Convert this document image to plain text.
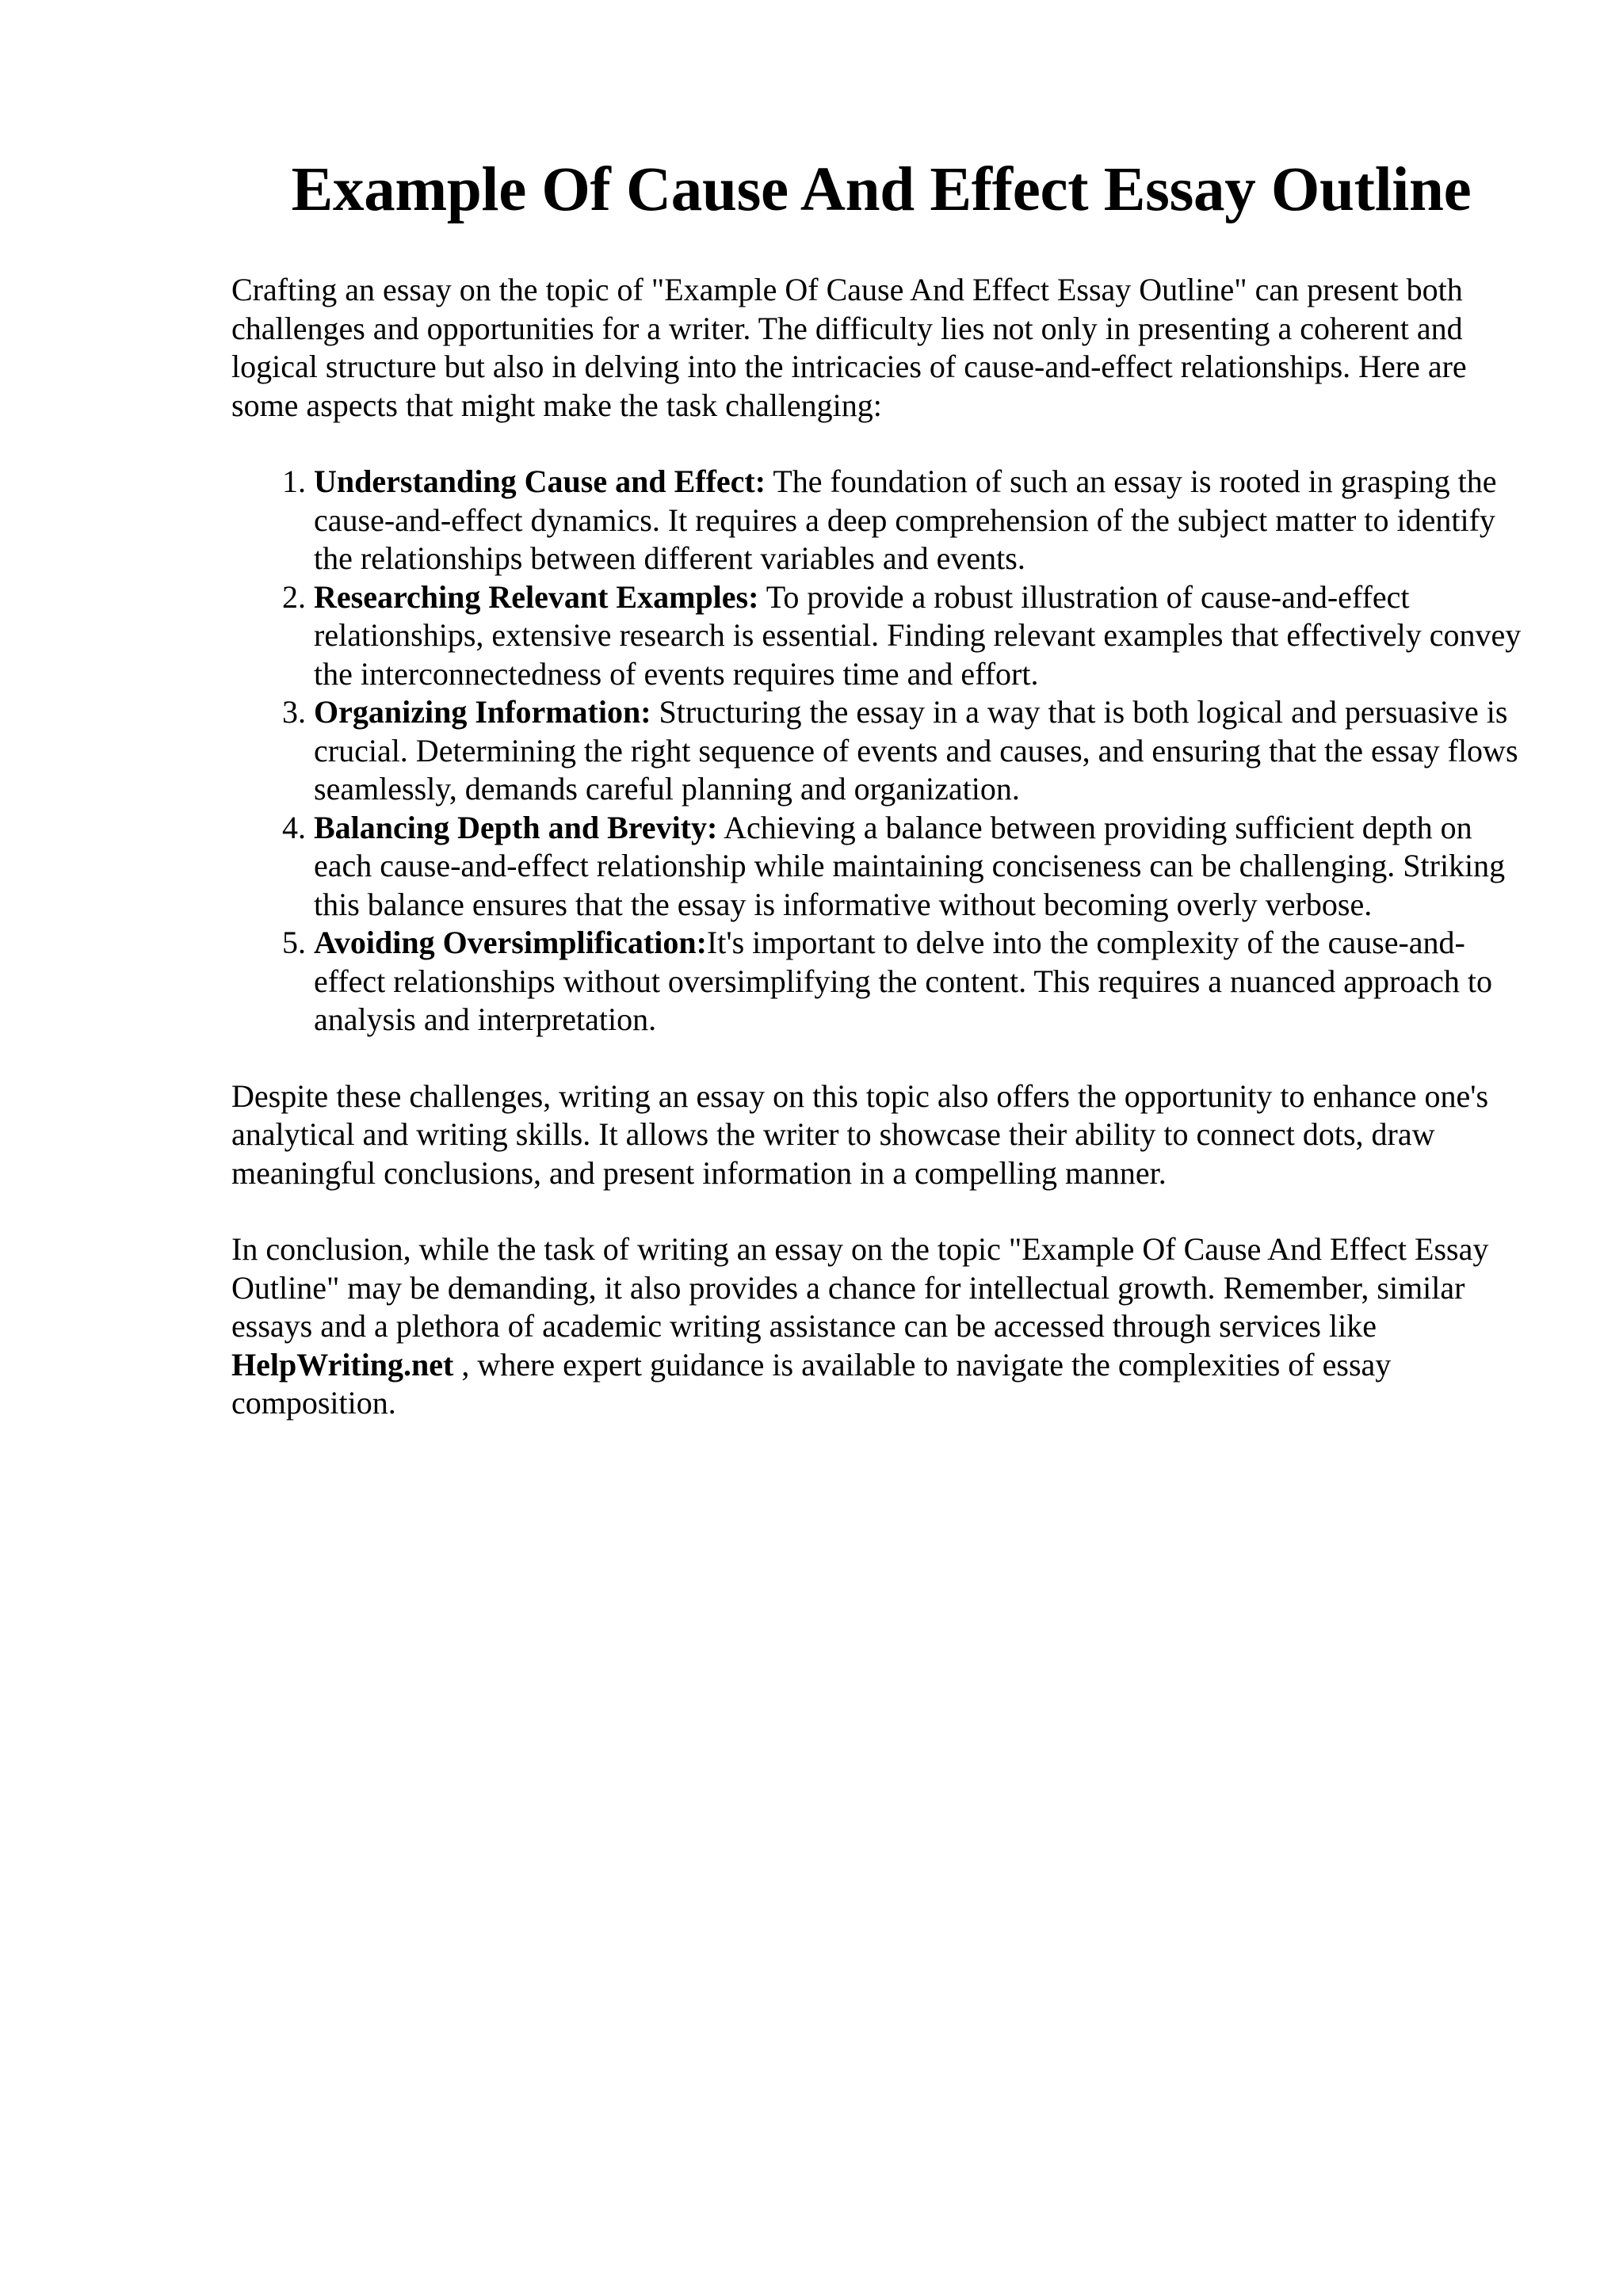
Example Of Cause And Effect Essay Outline

Crafting an essay on the topic of "Example Of Cause And Effect Essay Outline" can present both challenges and opportunities for a writer. The difficulty lies not only in presenting a coherent and logical structure but also in delving into the intricacies of cause-and-effect relationships. Here are some aspects that might make the task challenging:

1. Understanding Cause and Effect: The foundation of such an essay is rooted in grasping the cause-and-effect dynamics. It requires a deep comprehension of the subject matter to identify the relationships between different variables and events.
2. Researching Relevant Examples: To provide a robust illustration of cause-and-effect relationships, extensive research is essential. Finding relevant examples that effectively convey the interconnectedness of events requires time and effort.
3. Organizing Information: Structuring the essay in a way that is both logical and persuasive is crucial. Determining the right sequence of events and causes, and ensuring that the essay flows seamlessly, demands careful planning and organization.
4. Balancing Depth and Brevity: Achieving a balance between providing sufficient depth on each cause-and-effect relationship while maintaining conciseness can be challenging. Striking this balance ensures that the essay is informative without becoming overly verbose.
5. Avoiding Oversimplification:It's important to delve into the complexity of the cause-and-effect relationships without oversimplifying the content. This requires a nuanced approach to analysis and interpretation.

Despite these challenges, writing an essay on this topic also offers the opportunity to enhance one's analytical and writing skills. It allows the writer to showcase their ability to connect dots, draw meaningful conclusions, and present information in a compelling manner.

In conclusion, while the task of writing an essay on the topic "Example Of Cause And Effect Essay Outline" may be demanding, it also provides a chance for intellectual growth. Remember, similar essays and a plethora of academic writing assistance can be accessed through services like HelpWriting.net , where expert guidance is available to navigate the complexities of essay composition.
